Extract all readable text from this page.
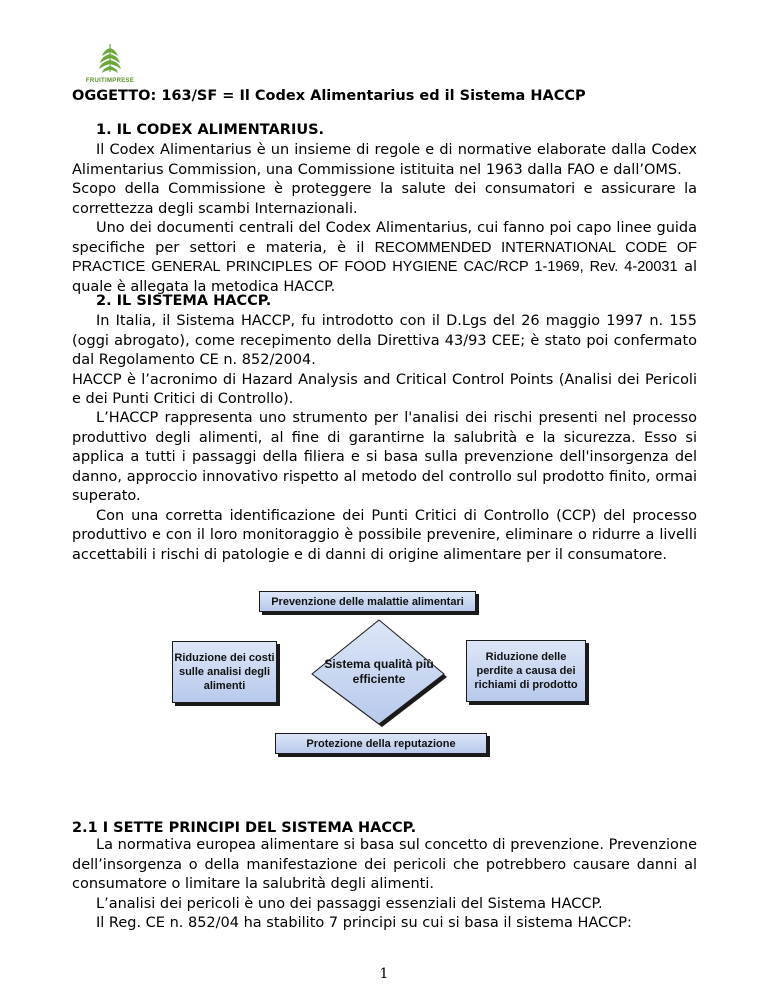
FRUITIMPRESE
OGGETTO: 163/SF = Il Codex Alimentarius ed il Sistema HACCP
1. IL CODEX ALIMENTARIUS.

Il Codex Alimentarius è un insieme di regole e di normative elaborate dalla Codex Alimentarius Commission, una Commissione istituita nel 1963 dalla FAO e dall’OMS.

Scopo della Commissione è proteggere la salute dei consumatori e assicurare la correttezza degli scambi Internazionali.

Uno dei documenti centrali del Codex Alimentarius, cui fanno poi capo linee guida specifiche per settori e materia, è il RECOMMENDED INTERNATIONAL CODE OF PRACTICE GENERAL PRINCIPLES OF FOOD HYGIENE CAC/RCP 1-1969, Rev. 4-20031 al quale è allegata la metodica HACCP.

2. IL SISTEMA HACCP.

In Italia, il Sistema HACCP, fu introdotto con il D.Lgs del 26 maggio 1997 n. 155 (oggi abrogato), come recepimento della Direttiva 43/93 CEE; è stato poi confermato dal Regolamento CE n. 852/2004.

HACCP è l’acronimo di Hazard Analysis and Critical Control Points (Analisi dei Pericoli e dei Punti Critici di Controllo).

L’HACCP rappresenta uno strumento per l'analisi dei rischi presenti nel processo produttivo degli alimenti, al fine di garantirne la salubrità e la sicurezza. Esso si applica a tutti i passaggi della filiera e si basa sulla prevenzione dell'insorgenza del danno, approccio innovativo rispetto al metodo del controllo sul prodotto finito, ormai superato.

Con una corretta identificazione dei Punti Critici di Controllo (CCP) del processo produttivo e con il loro monitoraggio è possibile prevenire, eliminare o ridurre a livelli accettabili i rischi di patologie e di danni di origine alimentare per il consumatore.

Prevenzione delle malattie alimentari
Riduzione dei costi sulle analisi degli alimenti
Sistema qualità più efficiente
Riduzione delle perdite a causa dei richiami di prodotto
Protezione della reputazione
2.1 I SETTE PRINCIPI DEL SISTEMA HACCP.

La normativa europea alimentare si basa sul concetto di prevenzione. Prevenzione dell’insorgenza o della manifestazione dei pericoli che potrebbero causare danni al consumatore o limitare la salubrità degli alimenti.

L’analisi dei pericoli è uno dei passaggi essenziali del Sistema HACCP.

Il Reg. CE n. 852/04 ha stabilito 7 principi su cui si basa il sistema HACCP:

1
